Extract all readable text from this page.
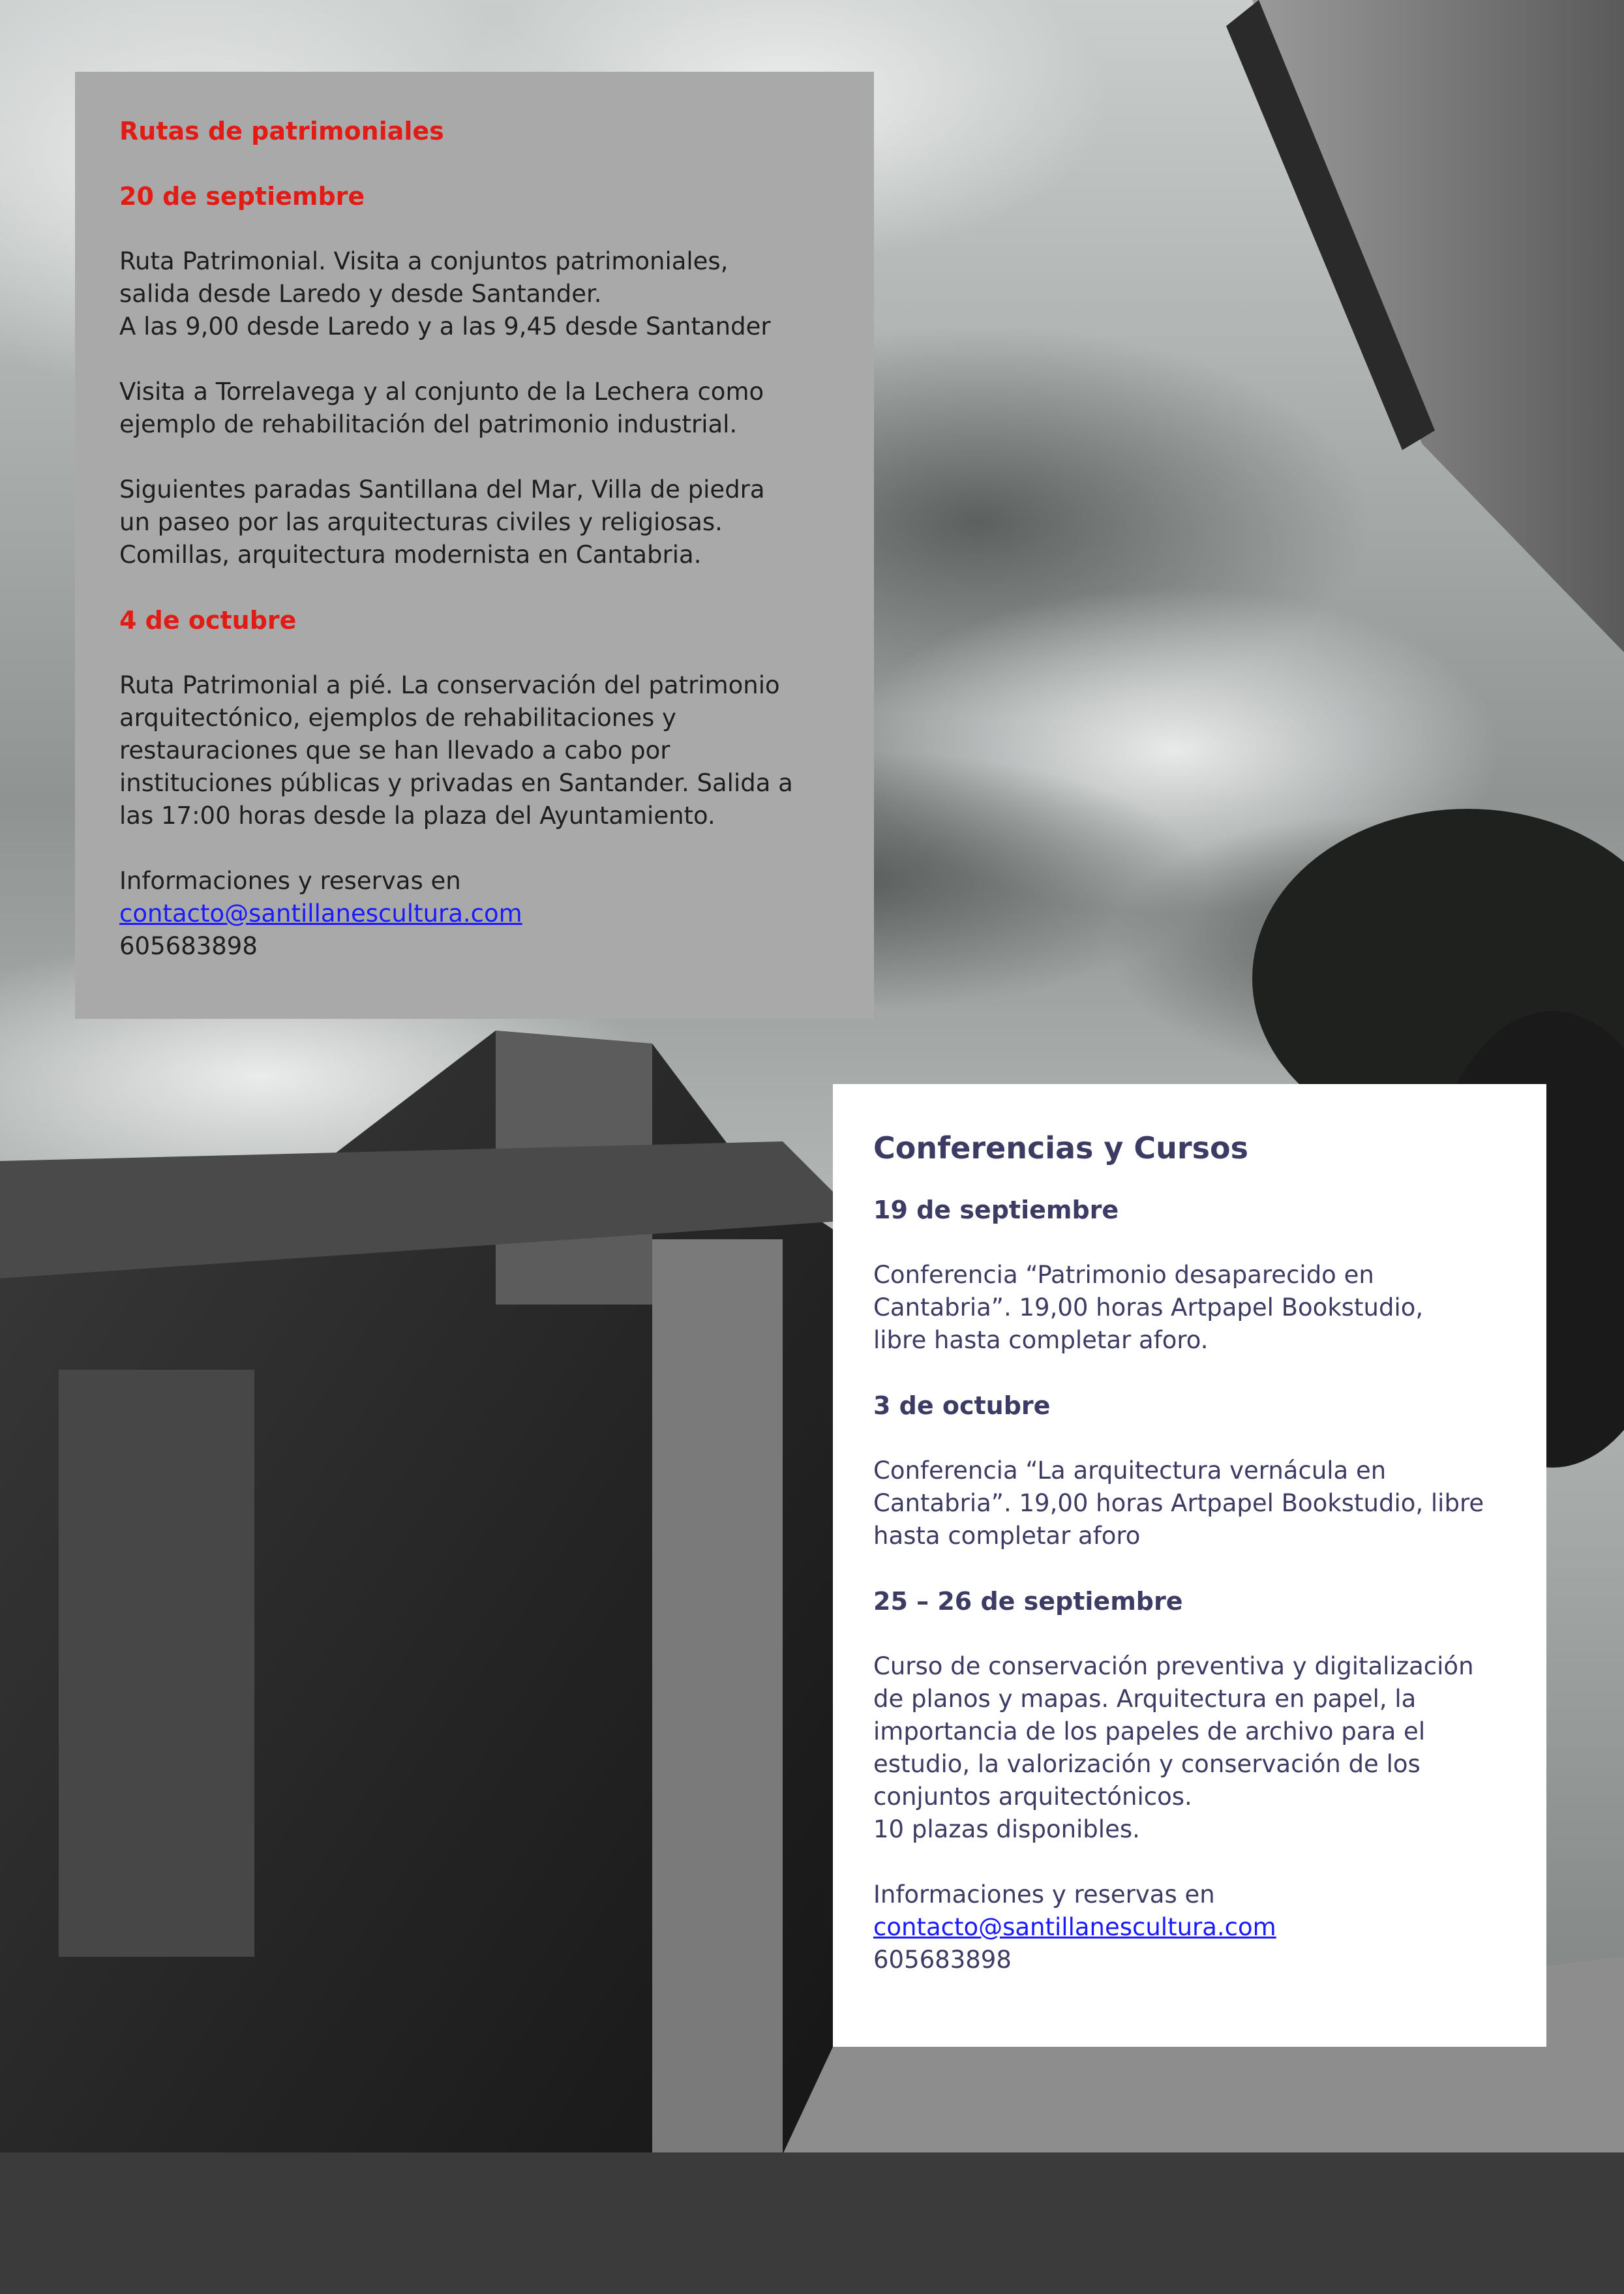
Rutas de patrimoniales

20 de septiembre

Ruta Patrimonial. Visita a conjuntos patrimoniales,
salida desde Laredo y desde Santander.
A las 9,00 desde Laredo y a las 9,45 desde Santander

Visita a Torrelavega y al conjunto de la Lechera como
ejemplo de rehabilitación del patrimonio industrial.

Siguientes paradas Santillana del Mar, Villa de piedra
un paseo por las arquitecturas civiles y religiosas.
Comillas, arquitectura modernista en Cantabria.

4 de octubre

Ruta Patrimonial a pié. La conservación del patrimonio
arquitectónico, ejemplos de rehabilitaciones y
restauraciones que se han llevado a cabo por
instituciones públicas y privadas en Santander. Salida a
las 17:00 horas desde la plaza del Ayuntamiento.

Informaciones y reservas en

contacto@santillanescultura.com

605683898

Conferencias y Cursos

19 de septiembre

Conferencia “Patrimonio desaparecido en
Cantabria”. 19,00 horas Artpapel Bookstudio,
libre hasta completar aforo.

3 de octubre

Conferencia “La arquitectura vernácula en
Cantabria”. 19,00 horas Artpapel Bookstudio, libre
hasta completar aforo

25 – 26 de septiembre

Curso de conservación preventiva y digitalización
de planos y mapas. Arquitectura en papel, la
importancia de los papeles de archivo para el
estudio, la valorización y conservación de los
conjuntos arquitectónicos.
10 plazas disponibles.

Informaciones y reservas en

contacto@santillanescultura.com

605683898
